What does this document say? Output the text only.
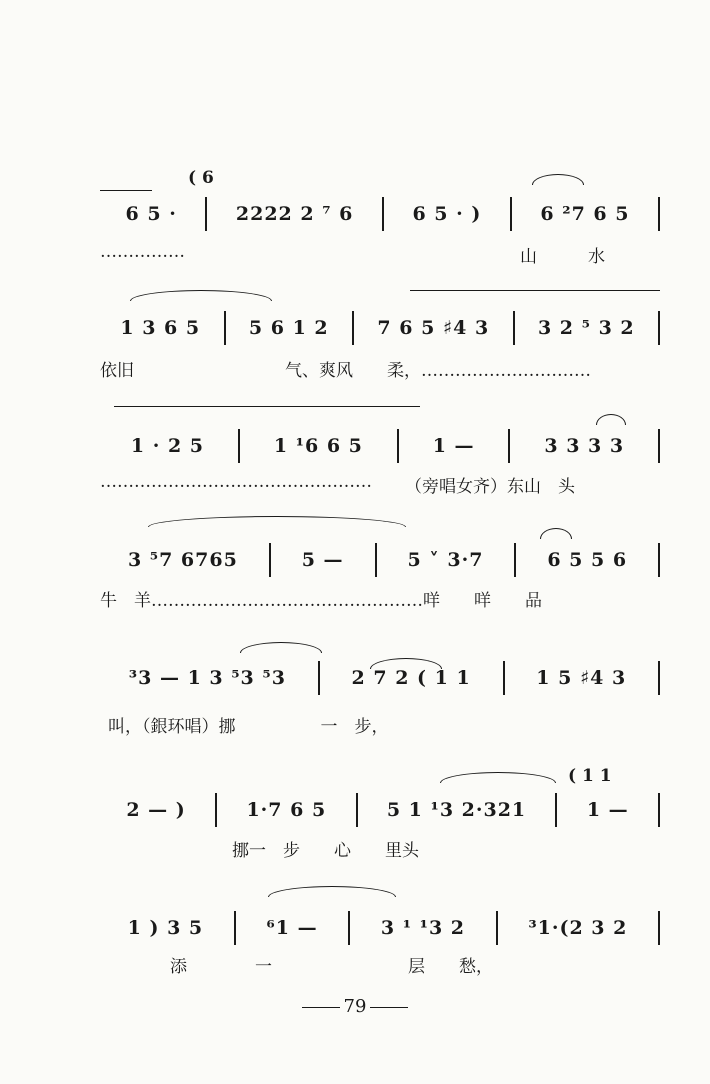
( 6
6 5 ·	2222 2 ⁷ 6	6 5 · )	6 ²7 6 5
……………	山　　　水
1 3 6 5	5 6 1 2	7 6 5 ♯4 3	3 2 ⁵ 3 2
依旧	气、爽风　　柔，…………………………
1 · 2 5	1 ¹6 6 5	1 —	3 3 3 3
………………………………………… （旁唱女齐）东山　头
3 ⁵7 6765	5 —	5 ˅ 3·7	6 5 5 6
牛　羊…………………………………………咩　　咩　　品
³3 — 1 3 ⁵3 ⁵3	2 7 2 ( 1 1	1 5 ♯4 3
叫，（銀环唱）挪　　　　　一　步，
( 1 1
2 — )	1·7 6 5	5 1 ¹3 2·321	1 —
挪一　步　　心　　里头
1 ) 3 5	⁶1 —	3 ¹ ¹3 2	³1·(2 3 2
添　　　　一　　　　　　　　层　　愁，
79
